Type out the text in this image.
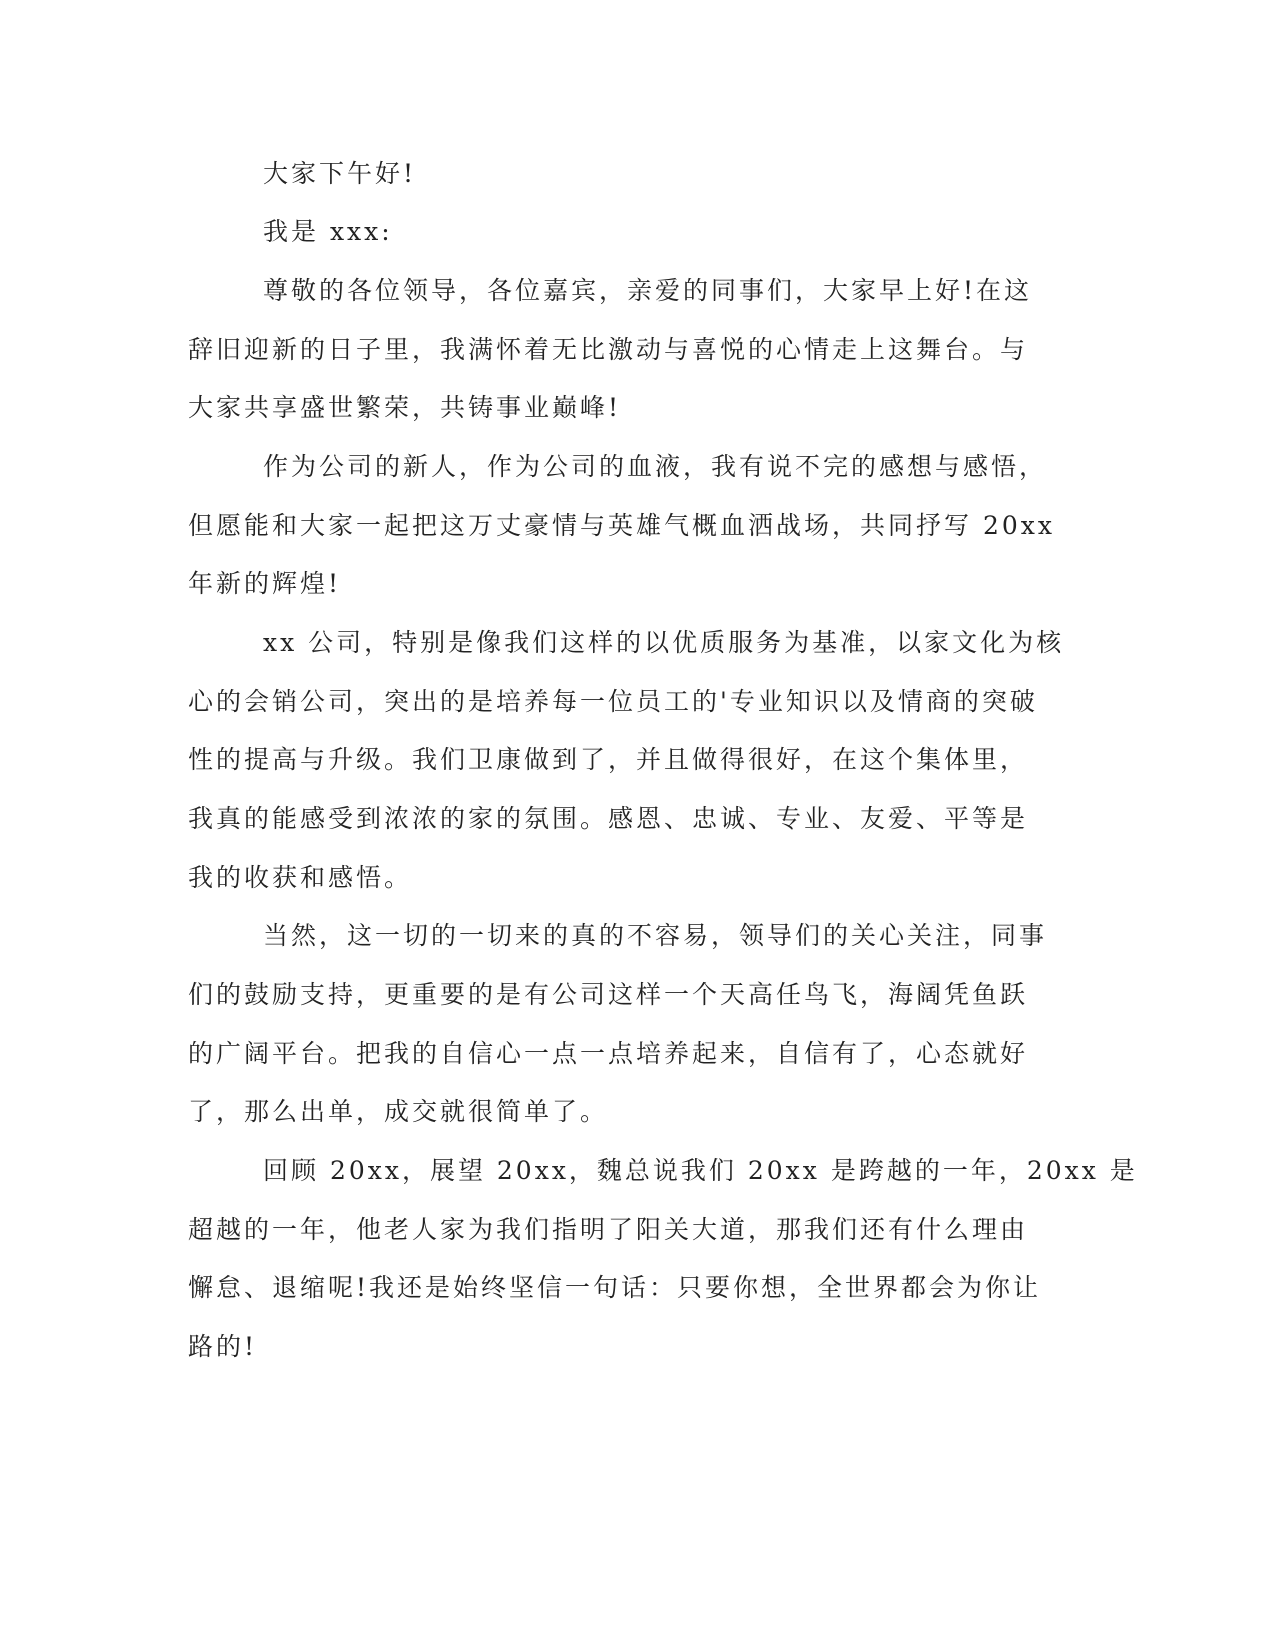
大家下午好!
我是 xxx:
尊敬的各位领导，各位嘉宾，亲爱的同事们，大家早上好!在这
辞旧迎新的日子里，我满怀着无比激动与喜悦的心情走上这舞台。与
大家共享盛世繁荣，共铸事业巅峰!
作为公司的新人，作为公司的血液，我有说不完的感想与感悟，
但愿能和大家一起把这万丈豪情与英雄气概血洒战场，共同抒写 20xx
年新的辉煌!
xx 公司，特别是像我们这样的以优质服务为基准，以家文化为核
心的会销公司，突出的是培养每一位员工的'专业知识以及情商的突破
性的提高与升级。我们卫康做到了，并且做得很好，在这个集体里，
我真的能感受到浓浓的家的氛围。感恩、忠诚、专业、友爱、平等是
我的收获和感悟。
当然，这一切的一切来的真的不容易，领导们的关心关注，同事
们的鼓励支持，更重要的是有公司这样一个天高任鸟飞，海阔凭鱼跃
的广阔平台。把我的自信心一点一点培养起来，自信有了，心态就好
了，那么出单，成交就很简单了。
回顾 20xx，展望 20xx，魏总说我们 20xx 是跨越的一年，20xx 是
超越的一年，他老人家为我们指明了阳关大道，那我们还有什么理由
懈怠、退缩呢!我还是始终坚信一句话：只要你想，全世界都会为你让
路的!
